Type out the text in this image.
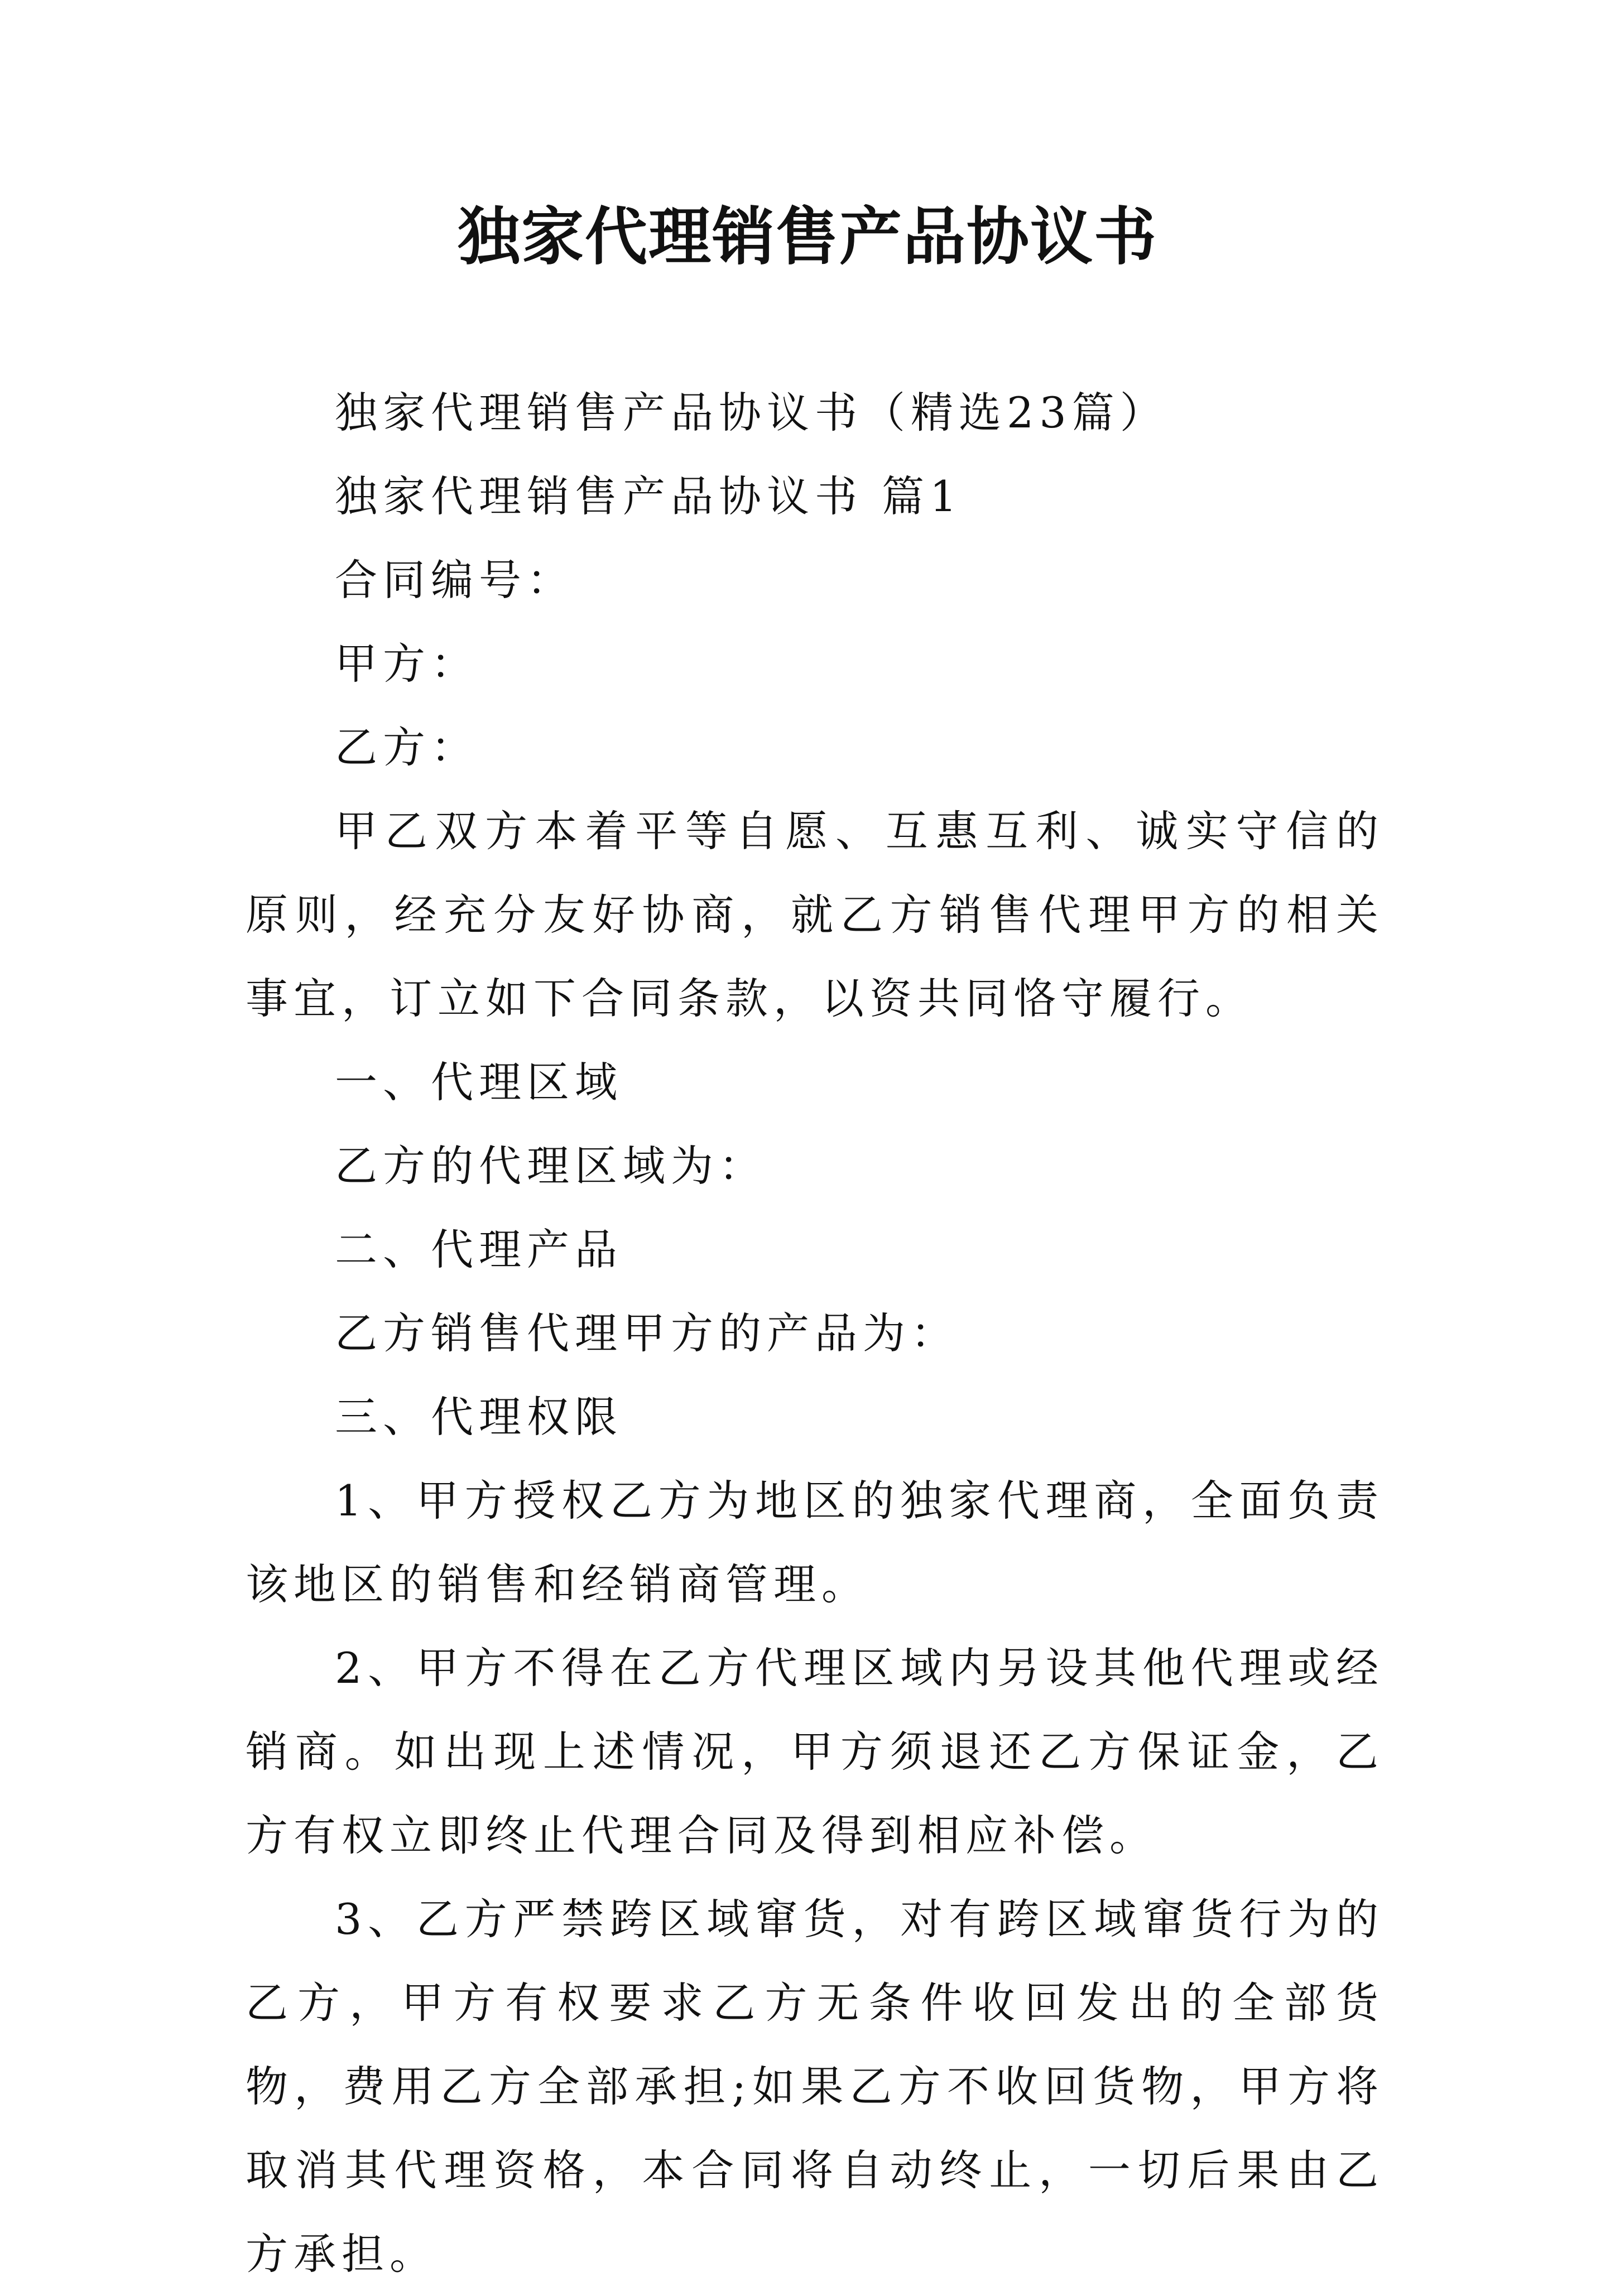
独家代理销售产品协议书

独家代理销售产品协议书（精选23篇）

独家代理销售产品协议书 篇1

合同编号：

甲方：

乙方：

甲乙双方本着平等自愿、互惠互利、诚实守信的原则，经充分友好协商，就乙方销售代理甲方的相关事宜，订立如下合同条款，以资共同恪守履行。

一、代理区域

乙方的代理区域为：

二、代理产品

乙方销售代理甲方的产品为：

三、代理权限

1、甲方授权乙方为地区的独家代理商，全面负责该地区的销售和经销商管理。

2、甲方不得在乙方代理区域内另设其他代理或经销商。如出现上述情况，甲方须退还乙方保证金，乙方有权立即终止代理合同及得到相应补偿。

3、乙方严禁跨区域窜货，对有跨区域窜货行为的乙方，甲方有权要求乙方无条件收回发出的全部货物，费用乙方全部承担;如果乙方不收回货物，甲方将取消其代理资格，本合同将自动终止，一切后果由乙方承担。
